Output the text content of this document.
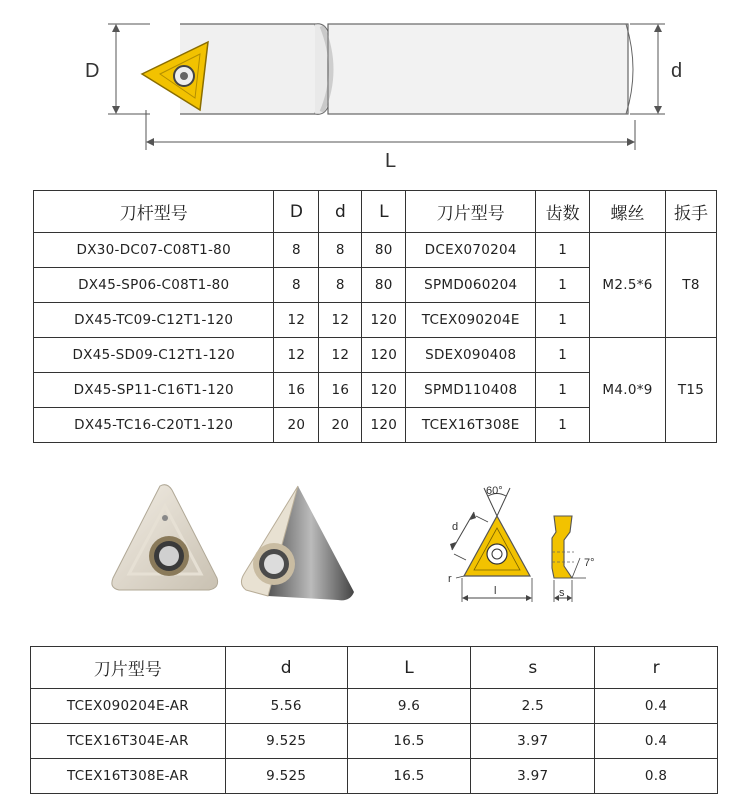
D	d
L
刀杆型号	D	d	L	刀片型号	齿数	螺丝	扳手
DX30-DC07-C08T1-80	8	8	80	DCEX070204	1	M2.5*6	T8
DX45-SP06-C08T1-80	8	8	80	SPMD060204	1		
DX45-TC09-C12T1-120	12	12	120	TCEX090204E	1		
DX45-SD09-C12T1-120	12	12	120	SDEX090408	1	M4.0*9	T15
DX45-SP11-C16T1-120	16	16	120	SPMD110408	1		
DX45-TC16-C20T1-120	20	20	120	TCEX16T308E	1		
60°
d
r
l
7°
s
刀片型号	d	L	s	r
TCEX090204E-AR	5.56	9.6	2.5	0.4
TCEX16T304E-AR	9.525	16.5	3.97	0.4
TCEX16T308E-AR	9.525	16.5	3.97	0.8
